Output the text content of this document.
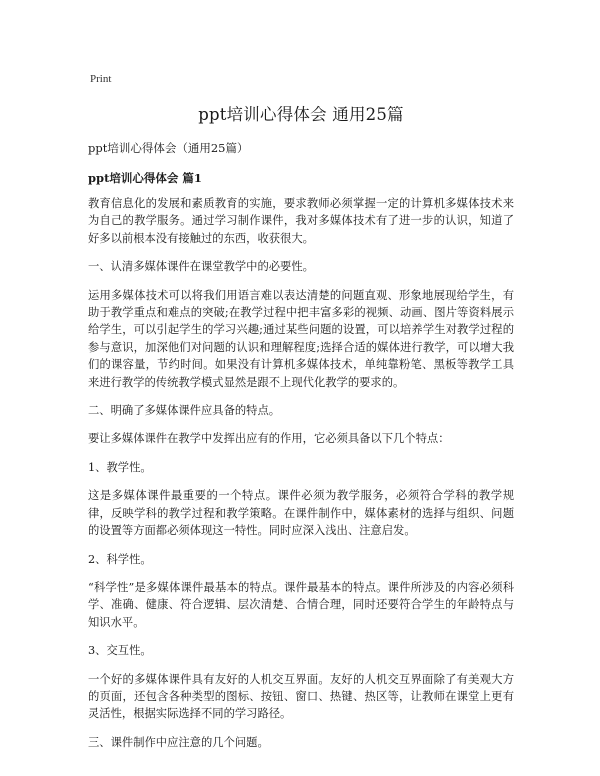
Print
ppt培训心得体会 通用25篇
ppt培训心得体会（通用25篇）
ppt培训心得体会 篇1
教育信息化的发展和素质教育的实施，要求教师必须掌握一定的计算机多媒体技术来为自己的教学服务。通过学习制作课件，我对多媒体技术有了进一步的认识，知道了好多以前根本没有接触过的东西，收获很大。
一、认清多媒体课件在课堂教学中的必要性。
运用多媒体技术可以将我们用语言难以表达清楚的问题直观、形象地展现给学生，有助于教学重点和难点的突破;在教学过程中把丰富多彩的视频、动画、图片等资料展示给学生，可以引起学生的学习兴趣;通过某些问题的设置，可以培养学生对教学过程的参与意识，加深他们对问题的认识和理解程度;选择合适的媒体进行教学，可以增大我们的课容量，节约时间。如果没有计算机多媒体技术，单纯靠粉笔、黑板等教学工具来进行教学的传统教学模式显然是跟不上现代化教学的要求的。
二、明确了多媒体课件应具备的特点。
要让多媒体课件在教学中发挥出应有的作用，它必须具备以下几个特点：
1、教学性。
这是多媒体课件最重要的一个特点。课件必须为教学服务，必须符合学科的教学规律，反映学科的教学过程和教学策略。在课件制作中，媒体素材的选择与组织、问题的设置等方面都必须体现这一特性。同时应深入浅出、注意启发。
2、科学性。
“科学性”是多媒体课件最基本的特点。课件最基本的特点。课件所涉及的内容必须科学、准确、健康、符合逻辑、层次清楚、合情合理，同时还要符合学生的年龄特点与知识水平。
3、交互性。
一个好的多媒体课件具有友好的人机交互界面。友好的人机交互界面除了有美观大方的页面，还包含各种类型的图标、按钮、窗口、热键、热区等，让教师在课堂上更有灵活性，根据实际选择不同的学习路径。
三、课件制作中应注意的几个问题。
